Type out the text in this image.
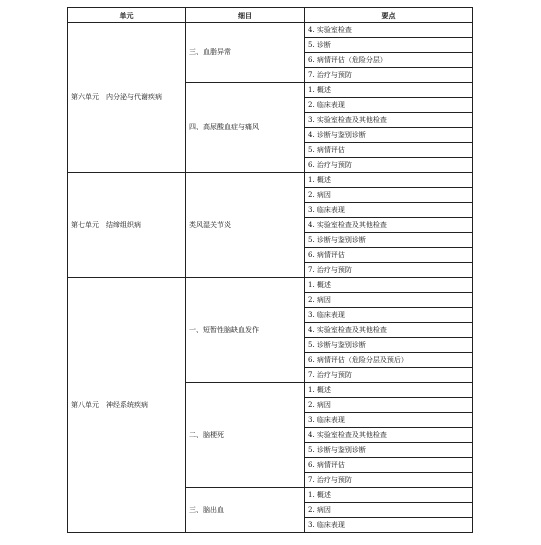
单元	细目	要点
第六单元　内分泌与代谢疾病	三、血脂异常	4. 实验室检查
		5. 诊断
		6. 病情评估（危险分层）
		7. 治疗与预防
	四、高尿酸血症与痛风	1. 概述
		2. 临床表现
		3. 实验室检查及其他检查
		4. 诊断与鉴别诊断
		5. 病情评估
		6. 治疗与预防
第七单元　结缔组织病	类风湿关节炎	1. 概述
		2. 病因
		3. 临床表现
		4. 实验室检查及其他检查
		5. 诊断与鉴别诊断
		6. 病情评估
		7. 治疗与预防
第八单元　神经系统疾病	一、短暂性脑缺血发作	1. 概述
		2. 病因
		3. 临床表现
		4. 实验室检查及其他检查
		5. 诊断与鉴别诊断
		6. 病情评估（危险分层及预后）
		7. 治疗与预防
	二、脑梗死	1. 概述
		2. 病因
		3. 临床表现
		4. 实验室检查及其他检查
		5. 诊断与鉴别诊断
		6. 病情评估
		7. 治疗与预防
	三、脑出血	1. 概述
		2. 病因
		3. 临床表现
